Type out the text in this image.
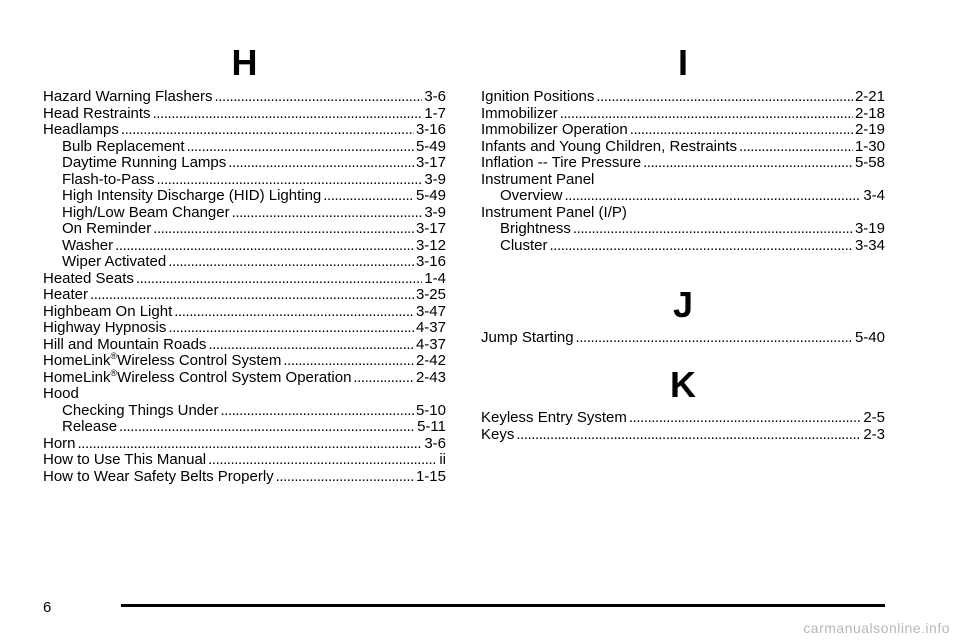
H
Hazard Warning Flashers . . .	3-6
Head Restraints . . .	1-7
Headlamps . . .	3-16
Bulb Replacement . . .	5-49
Daytime Running Lamps . . .	3-17
Flash-to-Pass . . .	3-9
High Intensity Discharge (HID) Lighting . . .	5-49
High/Low Beam Changer . . .	3-9
On Reminder . . .	3-17
Washer . . .	3-12
Wiper Activated . . .	3-16
Heated Seats . . .	1-4
Heater . . .	3-25
Highbeam On Light . . .	3-47
Highway Hypnosis . . .	4-37
Hill and Mountain Roads . . .	4-37
HomeLink®Wireless Control System . . .	2-42
HomeLink®Wireless Control System Operation . . .	2-43
Hood
Checking Things Under . . .	5-10
Release . . .	5-11
Horn . . .	3-6
How to Use This Manual . . .	ii
How to Wear Safety Belts Properly . . .	1-15
I
Ignition Positions . . .	2-21
Immobilizer . . .	2-18
Immobilizer Operation . . .	2-19
Infants and Young Children, Restraints . . .	1-30
Inflation -- Tire Pressure . . .	5-58
Instrument Panel
Overview . . .	3-4
Instrument Panel (I/P)
Brightness . . .	3-19
Cluster . . .	3-34
J
Jump Starting . . .	5-40
K
Keyless Entry System . . .	2-5
Keys . . .	2-3
6
carmanualsonline.info
